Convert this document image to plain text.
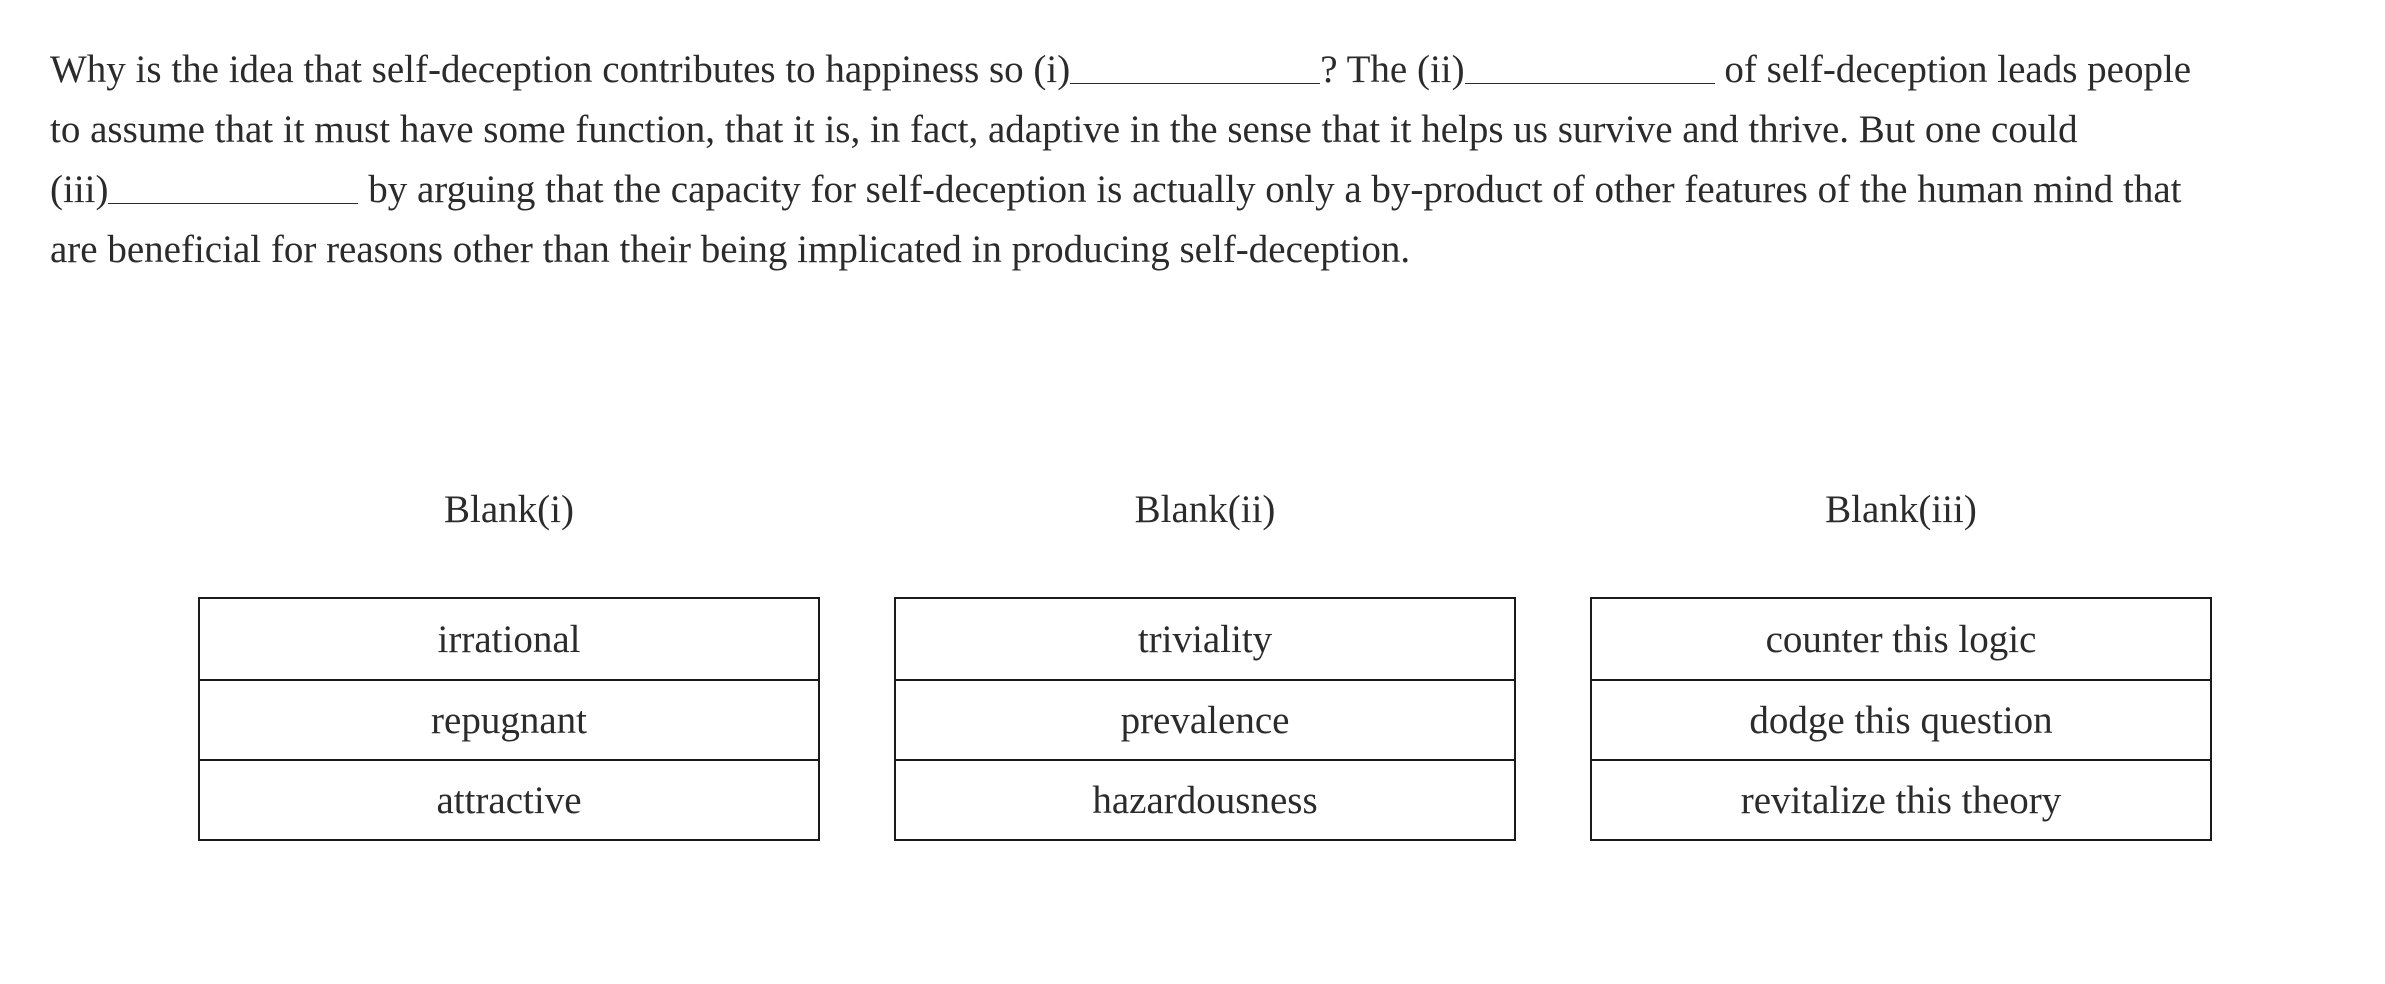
Why is the idea that self-deception contributes to happiness so (i)	? The (ii)	of self-deception leads people
to assume that it must have some function, that it is, in fact, adaptive in the sense that it helps us survive and thrive. But one could
(iii)	by arguing that the capacity for self-deception is actually only a by-product of other features of the human mind that
are beneficial for reasons other than their being implicated in producing self-deception.
Blank(i)
irrational
repugnant
attractive
Blank(ii)
triviality
prevalence
hazardousness
Blank(iii)
counter this logic
dodge this question
revitalize this theory
